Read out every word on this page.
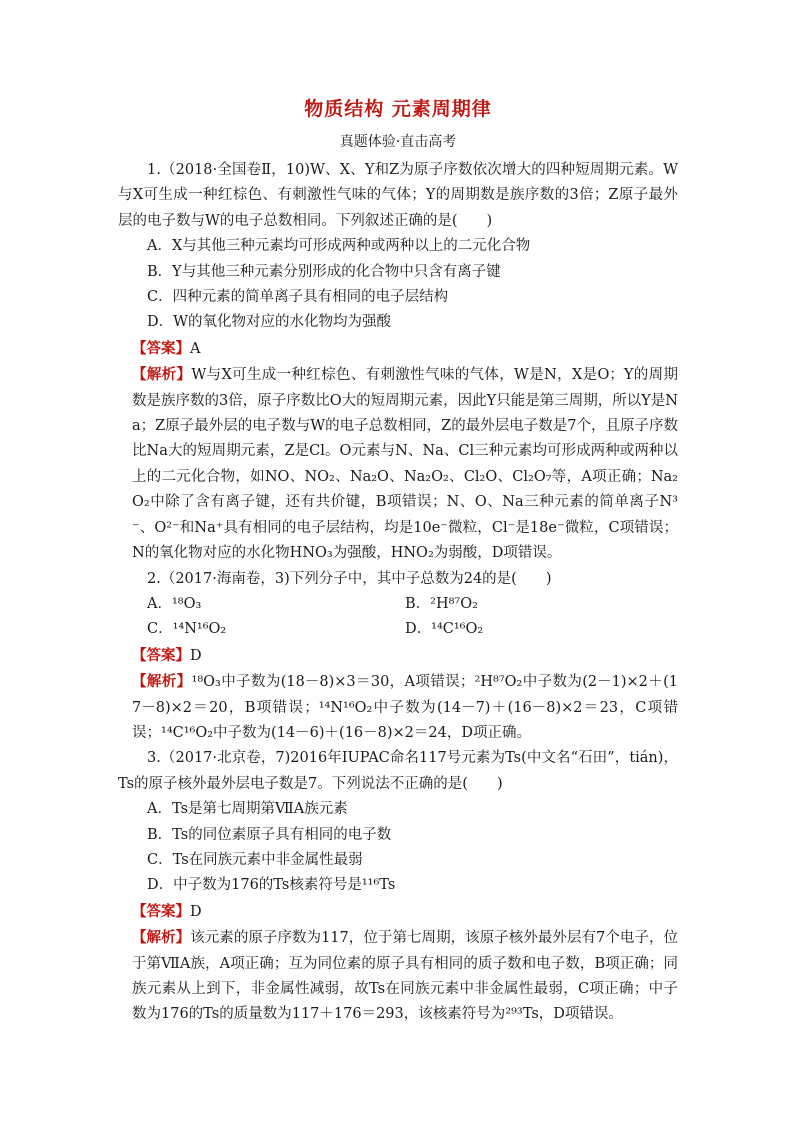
物质结构 元素周期律
真题体验·直击高考

1.（2018·全国卷Ⅱ，10)W、X、Y和Z为原子序数依次增大的四种短周期元素。W与X可生成一种红棕色、有刺激性气味的气体；Y的周期数是族序数的3倍；Z原子最外层的电子数与W的电子总数相同。下列叙述正确的是(　　)

A．X与其他三种元素均可形成两种或两种以上的二元化合物

B．Y与其他三种元素分别形成的化合物中只含有离子键

C．四种元素的简单离子具有相同的电子层结构

D．W的氧化物对应的水化物均为强酸

【答案】A

【解析】W与X可生成一种红棕色、有刺激性气味的气体，W是N，X是O；Y的周期数是族序数的3倍，原子序数比O大的短周期元素，因此Y只能是第三周期，所以Y是Na；Z原子最外层的电子数与W的电子总数相同，Z的最外层电子数是7个，且原子序数比Na大的短周期元素，Z是Cl。O元素与N、Na、Cl三种元素均可形成两种或两种以上的二元化合物，如NO、NO₂、Na₂O、Na₂O₂、Cl₂O、Cl₂O₇等，A项正确；Na₂O₂中除了含有离子键，还有共价键，B项错误；N、O、Na三种元素的简单离子N³⁻、O²⁻和Na⁺具有相同的电子层结构，均是10e⁻微粒，Cl⁻是18e⁻微粒，C项错误；N的氧化物对应的水化物HNO₃为强酸，HNO₂为弱酸，D项错误。

2.（2017·海南卷，3)下列分子中，其中子总数为24的是(　　)

A．¹⁸O₃	B．²H⁸⁷O₂
C．¹⁴N¹⁶O₂	D．¹⁴C¹⁶O₂

【答案】D

【解析】¹⁸O₃中子数为(18－8)×3＝30，A项错误；²H⁸⁷O₂中子数为(2－1)×2＋(17－8)×2＝20，B项错误；¹⁴N¹⁶O₂中子数为(14－7)＋(16－8)×2＝23，C项错误；¹⁴C¹⁶O₂中子数为(14－6)＋(16－8)×2＝24，D项正确。

3.（2017·北京卷，7)2016年IUPAC命名117号元素为Ts(中文名“石田”，tián)，Ts的原子核外最外层电子数是7。下列说法不正确的是(　　)

A．Ts是第七周期第ⅦA族元素

B．Ts的同位素原子具有相同的电子数

C．Ts在同族元素中非金属性最弱

D．中子数为176的Ts核素符号是¹¹⁶Ts

【答案】D

【解析】该元素的原子序数为117，位于第七周期，该原子核外最外层有7个电子，位于第ⅦA族，A项正确；互为同位素的原子具有相同的质子数和电子数，B项正确；同族元素从上到下，非金属性减弱，故Ts在同族元素中非金属性最弱，C项正确；中子数为176的Ts的质量数为117＋176＝293，该核素符号为²⁹³Ts，D项错误。
